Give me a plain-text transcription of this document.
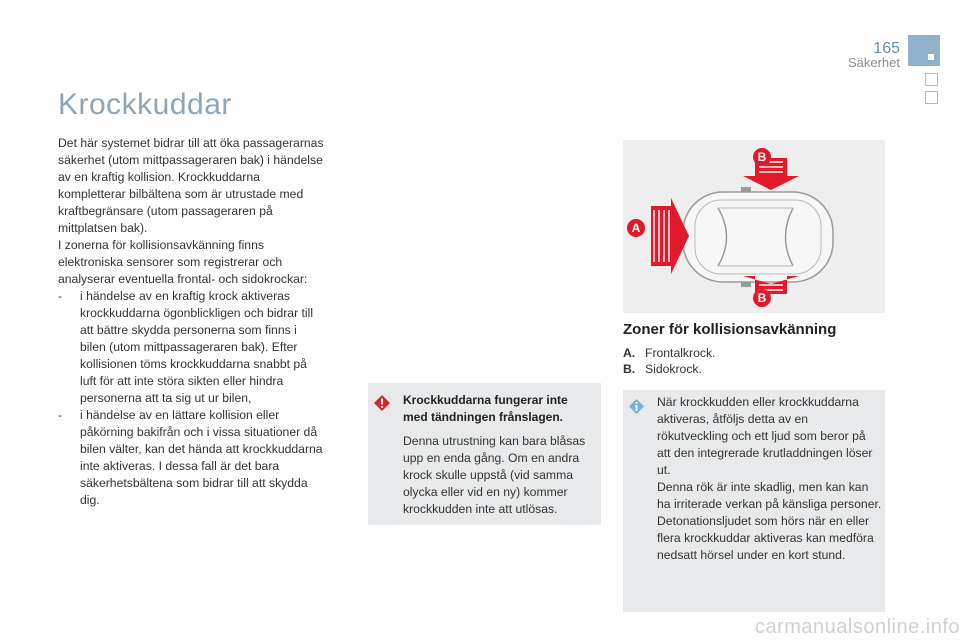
165
Säkerhet
Krockkuddar

Det här systemet bidrar till att öka passagerarnas säkerhet (utom mittpassageraren bak) i händelse av en kraftig kollision. Krockkuddarna kompletterar bilbältena som är utrustade med kraftbegränsare (utom passageraren på mittplatsen bak).

I zonerna för kollisionsavkänning finns elektroniska sensorer som registrerar och analyserar eventuella frontal- och sidokrockar:

-	i händelse av en kraftig krock aktiveras krockkuddarna ögonblickligen och bidrar till att bättre skydda personerna som finns i bilen (utom mittpassageraren bak). Efter kollisionen töms krockkuddarna snabbt på luft för att inte störa sikten eller hindra personerna att ta sig ut ur bilen,
-	i händelse av en lättare kollision eller påkörning bakifrån och i vissa situationer då bilen välter, kan det hända att krockkuddarna inte aktiveras. I dessa fall är det bara säkerhetsbältena som bidrar till att skydda dig.
Krockkuddarna fungerar inte med tändningen frånslagen.
Denna utrustning kan bara blåsas upp en enda gång. Om en andra krock skulle uppstå (vid samma olycka eller vid en ny) kommer krockkudden inte att utlösas.
A
B
B
Zoner för kollisionsavkänning
A. Frontalkrock.
B. Sidokrock.
När krockkudden eller krockkuddarna aktiveras, åtföljs detta av en rökutveckling och ett ljud som beror på att den integrerade krutladdningen löser ut.
Denna rök är inte skadlig, men kan kan ha irriterade verkan på känsliga personer.
Detonationsljudet som hörs när en eller flera krockkuddar aktiveras kan medföra nedsatt hörsel under en kort stund.
carmanualsonline.info
